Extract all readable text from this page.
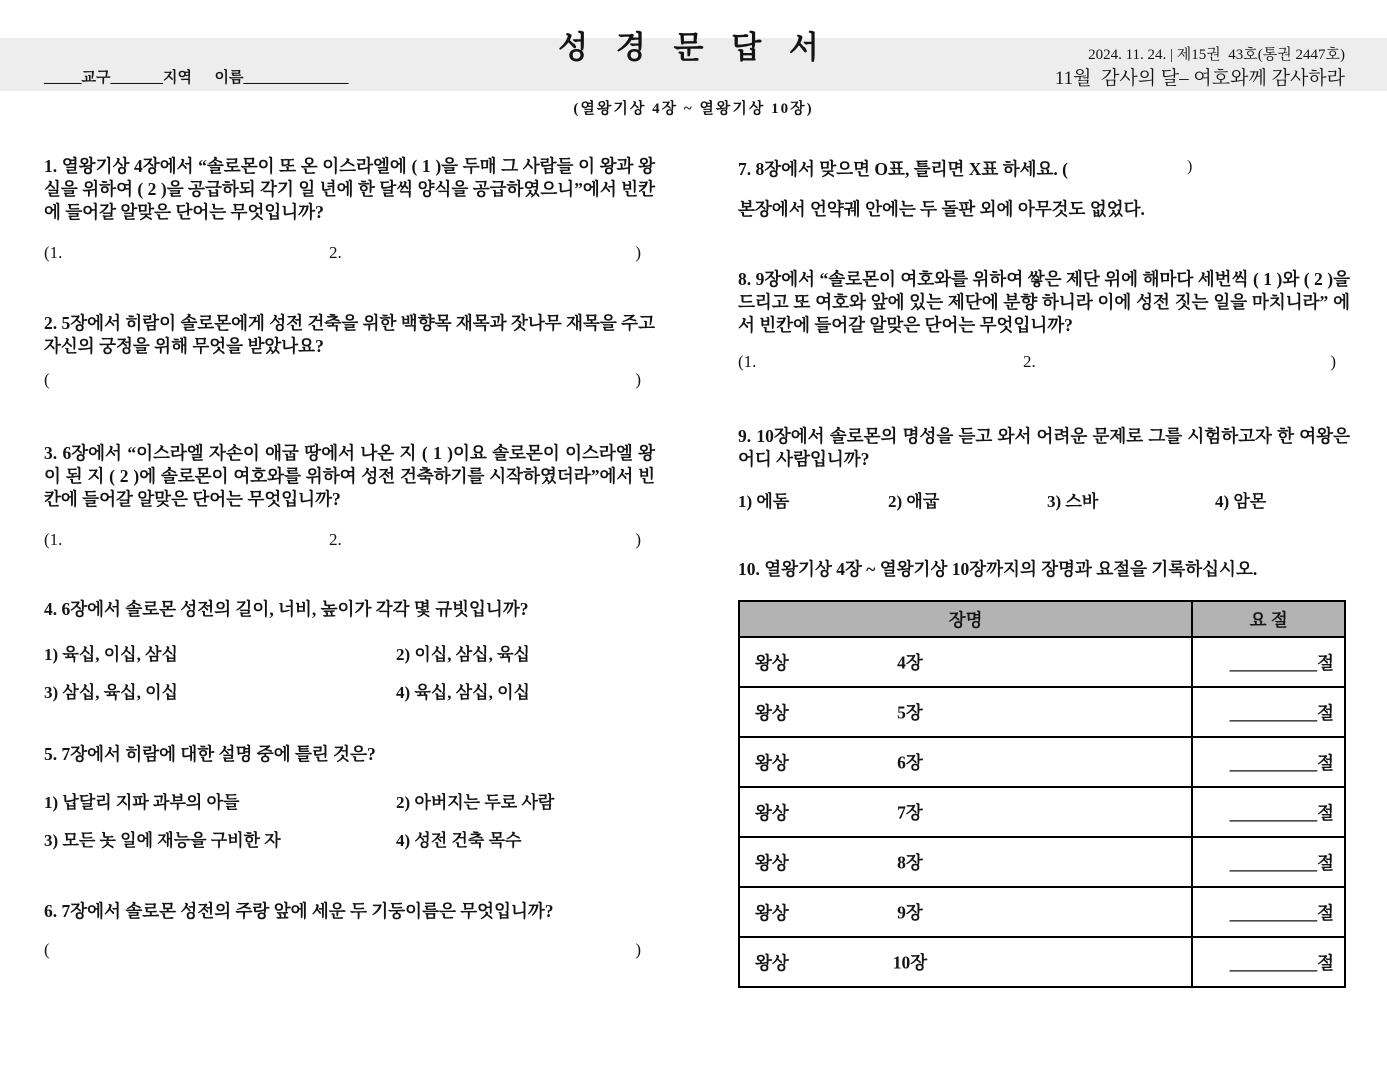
성 경 문 답 서
_____교구_______지역      이름______________
2024. 11. 24. | 제15권  43호(통권 2447호)
11월  감사의 달– 여호와께 감사하라
(열왕기상 4장 ~ 열왕기상 10장)

1. 열왕기상 4장에서 “솔로몬이 또 온 이스라엘에 ( 1 )을 두매 그 사람들 이 왕과 왕실을 위하여 ( 2 )을 공급하되 각기 일 년에 한 달씩 양식을 공급하였으니”에서 빈칸에 들어갈 알맞은 단어는 무엇입니까?

(1.	2.	)

2. 5장에서 히람이 솔로몬에게 성전 건축을 위한 백향목 재목과 잣나무 재목을 주고 자신의 궁정을 위해 무엇을 받았나요?

(	)

3. 6장에서 “이스라엘 자손이 애굽 땅에서 나온 지 ( 1 )이요 솔로몬이 이스라엘 왕이 된 지 ( 2 )에 솔로몬이 여호와를 위하여 성전 건축하기를 시작하였더라”에서 빈칸에 들어갈 알맞은 단어는 무엇입니까?

(1.	2.	)

4. 6장에서 솔로몬 성전의 길이, 너비, 높이가 각각 몇 규빗입니까?

1) 육십, 이십, 삼십	2) 이십, 삼십, 육십
3) 삼십, 육십, 이십	4) 육십, 삼십, 이십

5. 7장에서 히람에 대한 설명 중에 틀린 것은?

1) 납달리 지파 과부의 아들	2) 아버지는 두로 사람
3) 모든 놋 일에 재능을 구비한 자	4) 성전 건축 목수

6. 7장에서 솔로몬 성전의 주랑 앞에 세운 두 기둥이름은 무엇입니까?

(	)

7. 8장에서 맞으면 O표, 틀리면 X표 하세요. (	)

본장에서 언약궤 안에는 두 돌판 외에 아무것도 없었다.

8. 9장에서 “솔로몬이 여호와를 위하여 쌓은 제단 위에 해마다 세번씩 ( 1 )와 ( 2 )을 드리고 또 여호와 앞에 있는 제단에 분향 하니라 이에 성전 짓는 일을 마치니라” 에서 빈칸에 들어갈 알맞은 단어는 무엇입니까?

(1.	2.	)

9. 10장에서 솔로몬의 명성을 듣고 와서 어려운 문제로 그를 시험하고자 한 여왕은 어디 사람입니까?

1) 에돔	2) 애굽	3) 스바	4) 암몬

10. 열왕기상 4장 ~ 열왕기상 10장까지의 장명과 요절을 기록하십시오.

장명	요 절
왕상 4장	__________절
왕상 5장	__________절
왕상 6장	__________절
왕상 7장	__________절
왕상 8장	__________절
왕상 9장	__________절
왕상 10장	__________절
